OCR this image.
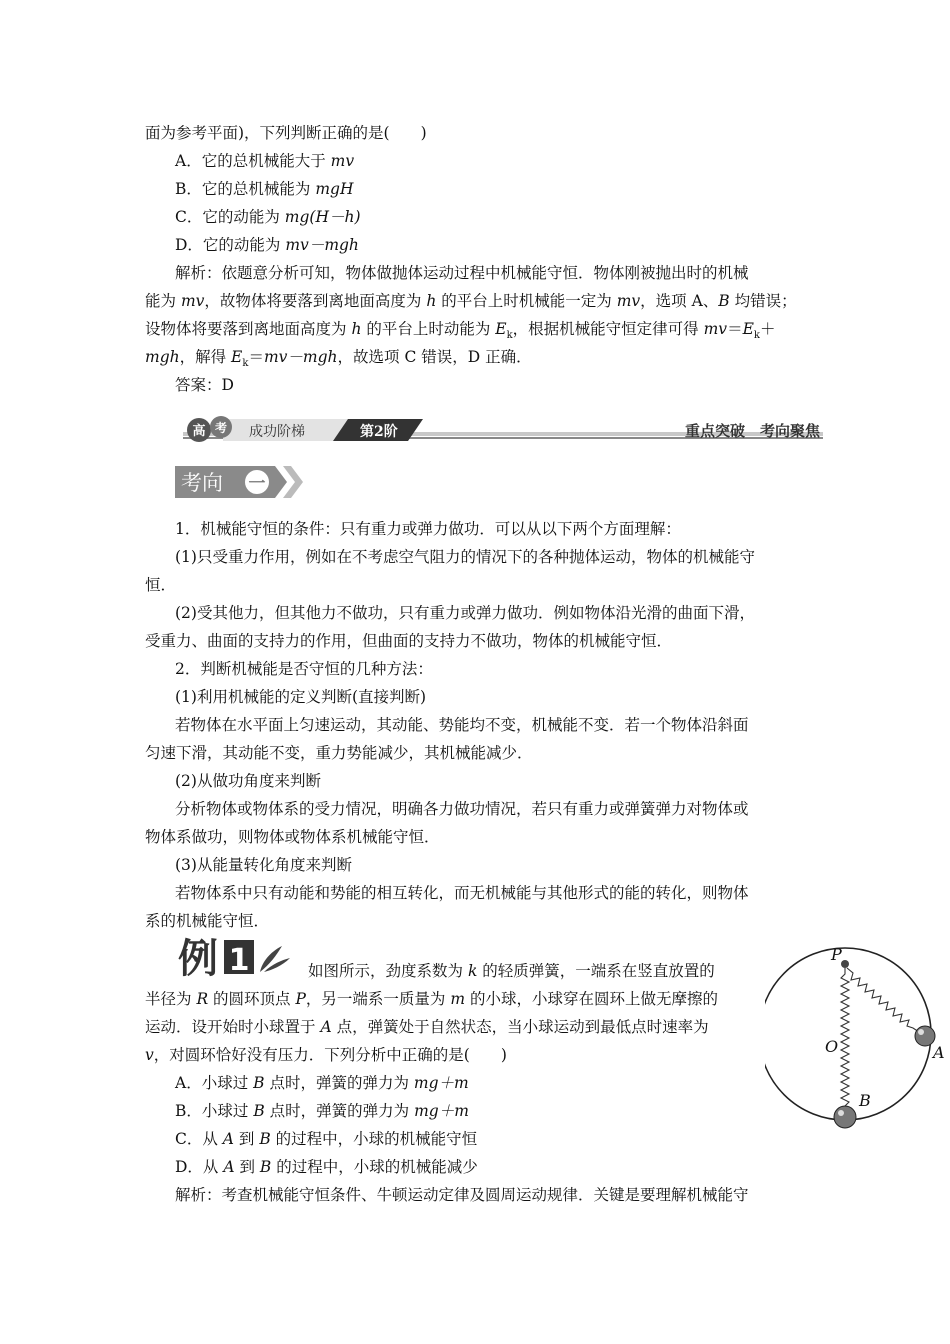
面为参考平面)，下列判断正确的是(　　)
A．它的总机械能大于 mv
B．它的总机械能为 mgH
C．它的动能为 mg(H－h)
D．它的动能为 mv－mgh
解析：依题意分析可知，物体做抛体运动过程中机械能守恒．物体刚被抛出时的机械
能为 mv，故物体将要落到离地面高度为 h 的平台上时机械能一定为 mv，选项 A、B 均错误；
设物体将要落到离地面高度为 h 的平台上时动能为 $E_k$，根据机械能守恒定律可得 $mv=E_k+$
mgh，解得 $E_k=mv-mgh$，故选项 C 错误，D 正确．
答案：D
高 考 成功阶梯	第2阶	重点突破　考向聚焦
考向 一
1．机械能守恒的条件：只有重力或弹力做功．可以从以下两个方面理解：
(1)只受重力作用，例如在不考虑空气阻力的情况下的各种抛体运动，物体的机械能守
恒．
(2)受其他力，但其他力不做功，只有重力或弹力做功．例如物体沿光滑的曲面下滑，
受重力、曲面的支持力的作用，但曲面的支持力不做功，物体的机械能守恒．
2．判断机械能是否守恒的几种方法：
(1)利用机械能的定义判断(直接判断)
若物体在水平面上匀速运动，其动能、势能均不变，机械能不变．若一个物体沿斜面
匀速下滑，其动能不变，重力势能减少，其机械能减少．
(2)从做功角度来判断
分析物体或物体系的受力情况，明确各力做功情况，若只有重力或弹簧弹力对物体或
物体系做功，则物体或物体系机械能守恒．
(3)从能量转化角度来判断
若物体系中只有动能和势能的相互转化，而无机械能与其他形式的能的转化，则物体
系的机械能守恒．
例 1	如图所示，劲度系数为 k 的轻质弹簧，一端系在竖直放置的
半径为 R 的圆环顶点 P，另一端系一质量为 m 的小球，小球穿在圆环上做无摩擦的
运动．设开始时小球置于 A 点，弹簧处于自然状态，当小球运动到最低点时速率为
v，对圆环恰好没有压力．下列分析中正确的是(　　)
A．小球过 B 点时，弹簧的弹力为 mg＋m
B．小球过 B 点时，弹簧的弹力为 mg＋m
C．从 A 到 B 的过程中，小球的机械能守恒
D．从 A 到 B 的过程中，小球的机械能减少
解析：考查机械能守恒条件、牛顿运动定律及圆周运动规律．关键是要理解机械能守
P
O	A
B
